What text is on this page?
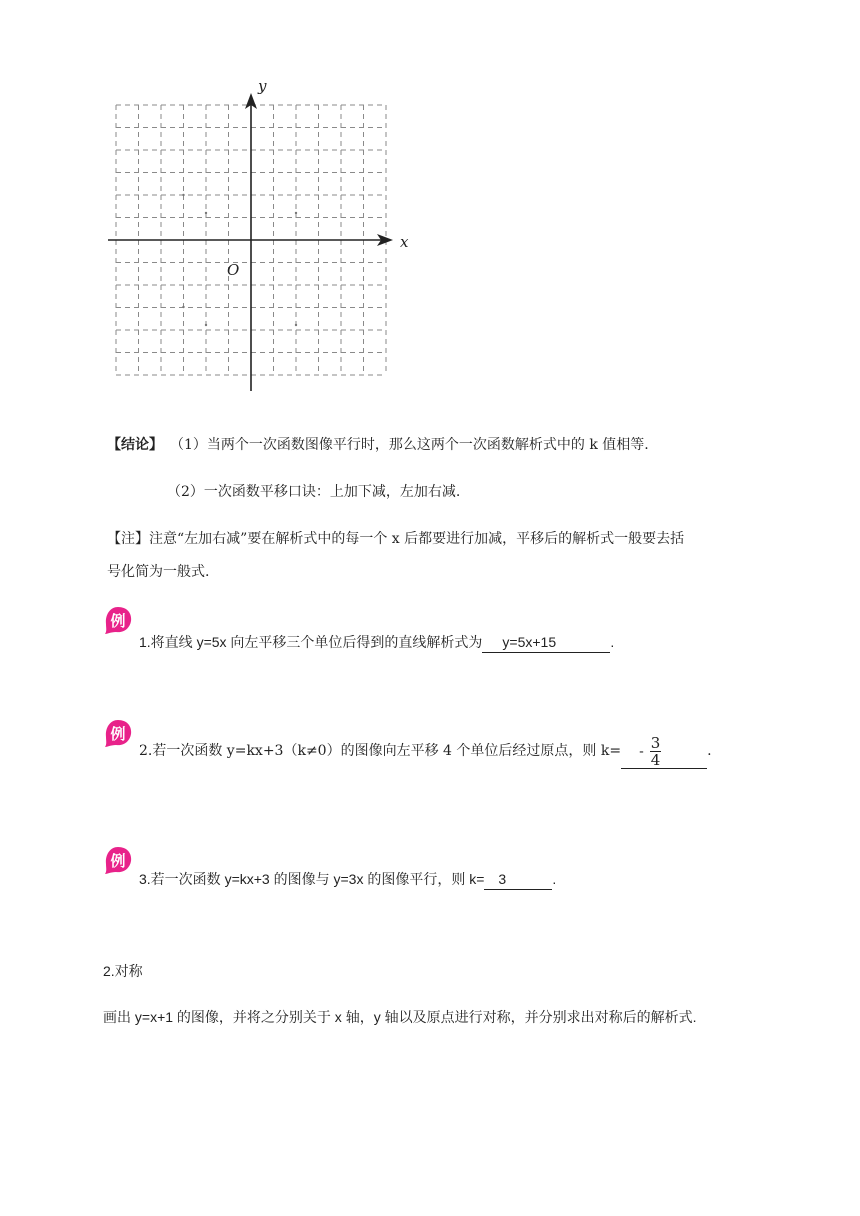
y
x
O
【结论】 （1）当两个一次函数图像平行时，那么这两个一次函数解析式中的 k 值相等.
（2）一次函数平移口诀：上加下减，左加右减.
【注】注意“左加右减”要在解析式中的每一个 x 后都要进行加减，平移后的解析式一般要去括
号化简为一般式.
例
1.将直线 y=5x 向左平移三个单位后得到的直线解析式为 y=5x+15	.
例
2.若一次函数 y=kx+3（k≠0）的图像向左平移 4 个单位后经过原点，则 $k= - \frac{3}{4}$	.
例
3.若一次函数 y=kx+3 的图像与 y=3x 的图像平行，则 k= 3	.
2.对称
画出 y=x+1 的图像，并将之分别关于 x 轴，y 轴以及原点进行对称，并分别求出对称后的解析式.
